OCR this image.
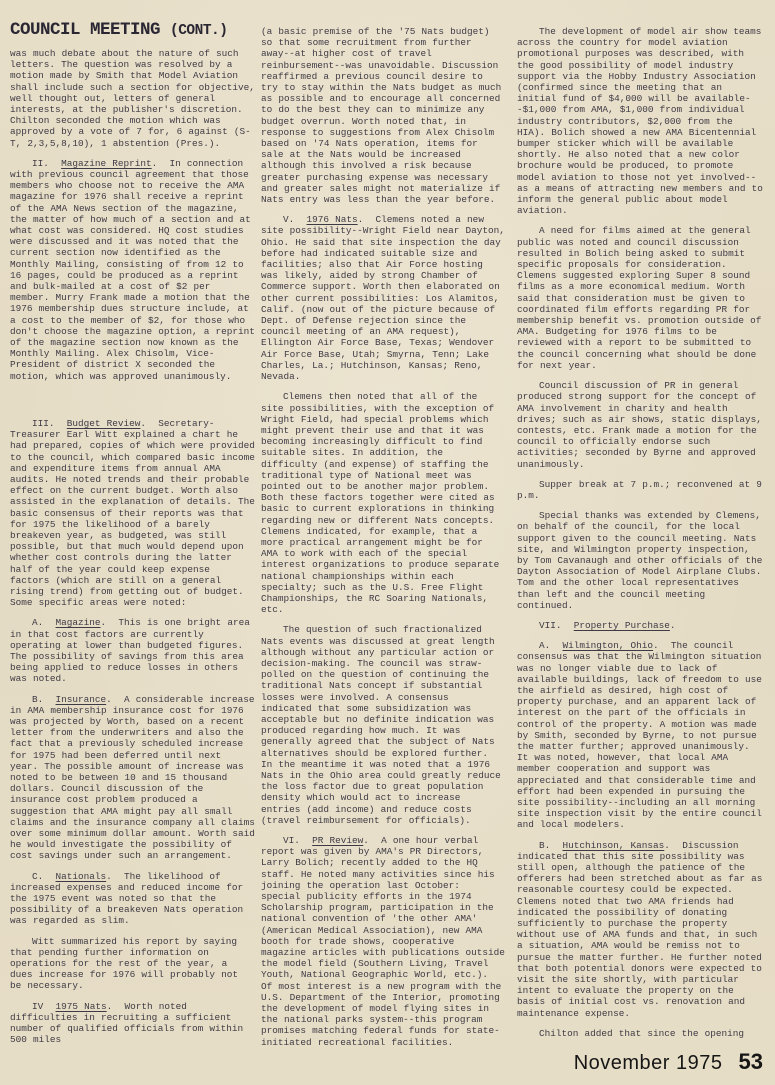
COUNCIL MEETING (CONT.)

was much debate about the nature of such letters. The question was resolved by a motion made by Smith that Model Aviation shall include such a section for objective, well thought out, letters of general interests, at the publisher's discretion. Chilton seconded the motion which was approved by a vote of 7 for, 6 against (S-T, 2,3,5,8,10), 1 abstention (Pres.).

II.  Magazine Reprint.  In connection with previous council agreement that those members who choose not to receive the AMA magazine for 1976 shall receive a reprint of the AMA News section of the magazine, the matter of how much of a section and at what cost was considered. HQ cost studies were discussed and it was noted that the current section now identified as the Monthly Mailing, consisting of from 12 to 16 pages, could be produced as a reprint and bulk-mailed at a cost of $2 per member. Murry Frank made a motion that the 1976 membership dues structure include, at a cost to the member of $2, for those who don't choose the magazine option, a reprint of the magazine section now known as the Monthly Mailing. Alex Chisolm, Vice-President of district X seconded the motion, which was approved unanimously.

III.  Budget Review.  Secretary-Treasurer Earl Witt explained a chart he had prepared, copies of which were provided to the council, which compared basic income and expenditure items from annual AMA audits. He noted trends and their probable effect on the current budget. Worth also assisted in the explanation of details. The basic consensus of their reports was that for 1975 the likelihood of a barely breakeven year, as budgeted, was still possible, but that much would depend upon whether cost controls during the latter half of the year could keep expense factors (which are still on a general rising trend) from getting out of budget. Some specific areas were noted:

A.  Magazine.  This is one bright area in that cost factors are currently operating at lower than budgeted figures. The possibility of savings from this area being applied to reduce losses in others was noted.

B.  Insurance.  A considerable increase in AMA membership insurance cost for 1976 was projected by Worth, based on a recent letter from the underwriters and also the fact that a previously scheduled increase for 1975 had been deferred until next year. The possible amount of increase was noted to be between 10 and 15 thousand dollars. Council discussion of the insurance cost problem produced a suggestion that AMA might pay all small claims and the insurance company all claims over some minimum dollar amount. Worth said he would investigate the possibility of cost savings under such an arrangement.

C.  Nationals.  The likelihood of increased expenses and reduced income for the 1975 event was noted so that the possibility of a breakeven Nats operation was regarded as slim.

Witt summarized his report by saying that pending further information on operations for the rest of the year, a dues increase for 1976 will probably not be necessary.

IV  1975 Nats.  Worth noted difficulties in recruiting a sufficient number of qualified officials from within 500 miles

(a basic premise of the '75 Nats budget) so that some recruitment from further away--at higher cost of travel reinbursement--was unavoidable. Discussion reaffirmed a previous council desire to try to stay within the Nats budget as much as possible and to encourage all concerned to do the best they can to minimize any budget overrun. Worth noted that, in response to suggestions from Alex Chisolm based on '74 Nats operation, items for sale at the Nats would be increased although this involved a risk because greater purchasing expense was necessary and greater sales might not materialize if Nats entry was less than the year before.

V.  1976 Nats.  Clemens noted a new site possibility--Wright Field near Dayton, Ohio. He said that site inspection the day before had indicated suitable size and facilities; also that Air Force hosting was likely, aided by strong Chamber of Commerce support. Worth then elaborated on other current possibilities: Los Alamitos, Calif. (now out of the picture because of Dept. of Defense rejection since the council meeting of an AMA request), Ellington Air Force Base, Texas; Wendover Air Force Base, Utah; Smyrna, Tenn; Lake Charles, La.; Hutchinson, Kansas; Reno, Nevada.

Clemens then noted that all of the site possibilities, with the exception of Wright Field, had special problems which might prevent their use and that it was becoming increasingly difficult to find suitable sites. In addition, the difficulty (and expense) of staffing the traditional type of National meet was pointed out to be another major problem. Both these factors together were cited as basic to current explorations in thinking regarding new or different Nats concepts. Clemens indicated, for example, that a more practical arrangement might be for AMA to work with each of the special interest organizations to produce separate national championships within each specialty; such as the U.S. Free Flight Championships, the RC Soaring Nationals, etc.

The question of such fractionalized Nats events was discussed at great length although without any particular action or decision-making. The council was straw-polled on the question of continuing the traditional Nats concept if substantial losses were involved. A consensus indicated that some subsidization was acceptable but no definite indication was produced regarding how much. It was generally agreed that the subject of Nats alternatives should be explored further. In the meantime it was noted that a 1976 Nats in the Ohio area could greatly reduce the loss factor due to great population density which would act to increase entries (add income) and reduce costs (travel reimbursement for officials).

VI.  PR Review.  A one hour verbal report was given by AMA's PR Directors, Larry Bolich; recently added to the HQ staff. He noted many activities since his joining the operation last October: special publicity efforts in the 1974 Scholarship program, participation in the national convention of 'the other AMA' (American Medical Association), new AMA booth for trade shows, cooperative magazine articles with publications outside the model field (Southern Living, Travel Youth, National Geographic World, etc.). Of most interest is a new program with the U.S. Department of the Interior, promoting the development of model flying sites in the national parks system--this program promises matching federal funds for state-initiated recreational facilities.

The development of model air show teams across the country for model aviation promotional purposes was described, with the good possibility of model industry support via the Hobby Industry Association (confirmed since the meeting that an initial fund of $4,000 will be available--$1,000 from AMA, $1,000 from individual industry contributors, $2,000 from the HIA). Bolich showed a new AMA Bicentennial bumper sticker which will be available shortly. He also noted that a new color brochure would be produced, to promote model aviation to those not yet involved--as a means of attracting new members and to inform the general public about model aviation.

A need for films aimed at the general public was noted and council discussion resulted in Bolich being asked to submit specific proposals for consideration. Clemens suggested exploring Super 8 sound films as a more economical medium. Worth said that consideration must be given to coordinated film efforts regarding PR for membership benefit vs. promotion outside of AMA. Budgeting for 1976 films to be reviewed with a report to be submitted to the council concerning what should be done for next year.

Council discussion of PR in general produced strong support for the concept of AMA involvement in charity and health drives; such as air shows, static displays, contests, etc. Frank made a motion for the council to officially endorse such activities; seconded by Byrne and approved unanimously.

Supper break at 7 p.m.; reconvened at 9 p.m.

Special thanks was extended by Clemens, on behalf of the council, for the local support given to the council meeting. Nats site, and Wilmington property inspection, by Tom Cavanaugh and other officials of the Dayton Association of Model Airplane Clubs. Tom and the other local representatives than left and the council meeting continued.

VII.  Property Purchase.

A.  Wilmington, Ohio.  The council consensus was that the Wilmington situation was no longer viable due to lack of available buildings, lack of freedom to use the airfield as desired, high cost of property purchase, and an apparent lack of interest on the part of the officials in control of the property. A motion was made by Smith, seconded by Byrne, to not pursue the matter further; approved unanimously. It was noted, however, that local AMA member cooperation and support was appreciated and that considerable time and effort had been expended in pursuing the site possibility--including an all morning site inspection visit by the entire council and local modelers.

B.  Hutchinson, Kansas.  Discussion indicated that this site possibility was still open, although the patience of the offerers had been stretched about as far as reasonable courtesy could be expected. Clemens noted that two AMA friends had indicated the possibility of donating sufficiently to purchase the property without use of AMA funds and that, in such a situation, AMA would be remiss not to pursue the matter further. He further noted that both potential donors were expected to visit the site shortly, with particular intent to evaluate the property on the basis of initial cost vs. renovation and maintenance expense.

Chilton added that since the opening

November 1975 53
